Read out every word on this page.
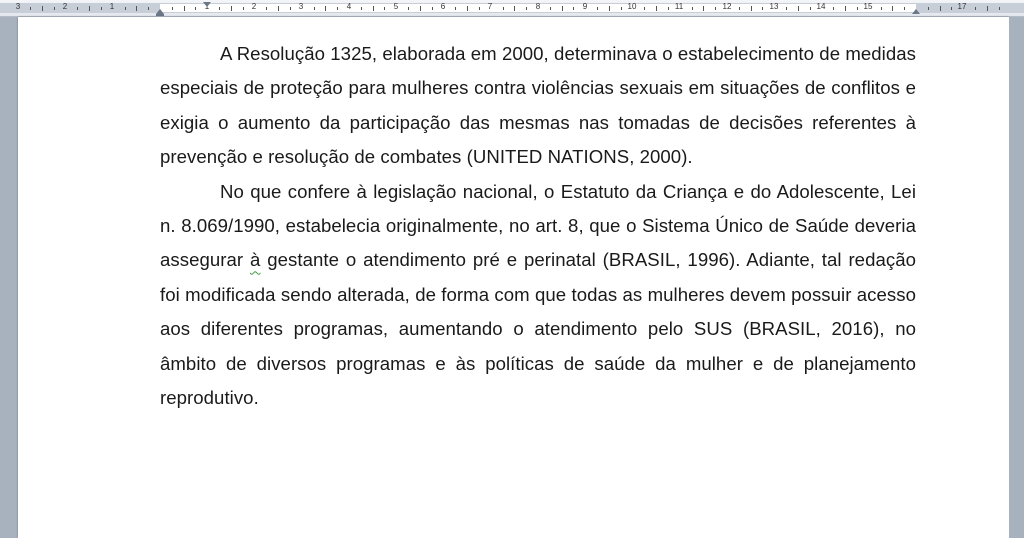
3	2	1	1	2	3	4	5	6	7	8	9	10	11	12	13	14	15	17

A Resolução 1325, elaborada em 2000, determinava o estabelecimento de medidas especiais de proteção para mulheres contra violências sexuais em situações de conflitos e exigia o aumento da participação das mesmas nas tomadas de decisões referentes à prevenção e resolução de combates (UNITED NATIONS, 2000).

No que confere à legislação nacional, o Estatuto da Criança e do Adolescente, Lei n. 8.069/1990, estabelecia originalmente, no art. 8, que o Sistema Único de Saúde deveria assegurar à gestante o atendimento pré e perinatal (BRASIL, 1996). Adiante, tal redação foi modificada sendo alterada, de forma com que todas as mulheres devem possuir acesso aos diferentes programas, aumentando o atendimento pelo SUS (BRASIL, 2016), no âmbito de diversos programas e às políticas de saúde da mulher e de planejamento reprodutivo.
